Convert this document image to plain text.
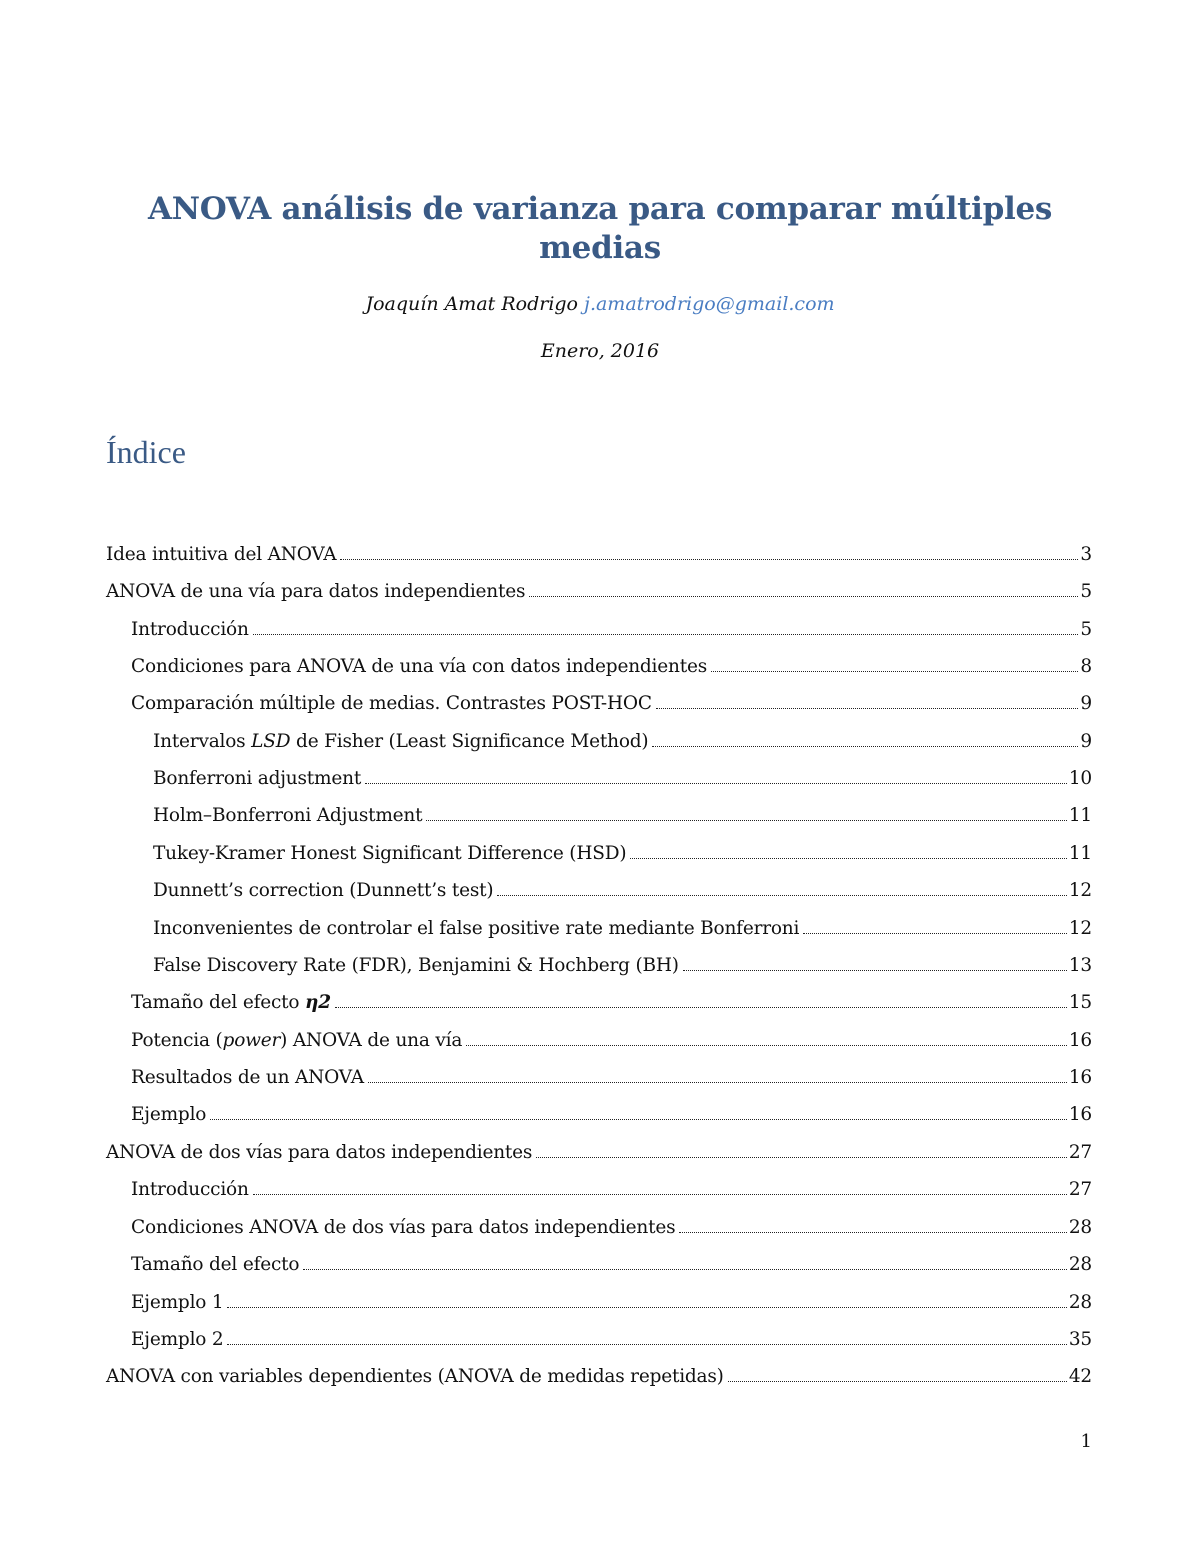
ANOVA análisis de varianza para comparar múltiples
medias
Joaquín Amat Rodrigo j.amatrodrigo@gmail.com
Enero, 2016
Índice
Idea intuitiva del ANOVA	3
ANOVA de una vía para datos independientes	5
Introducción	5
Condiciones para ANOVA de una vía con datos independientes	8
Comparación múltiple de medias. Contrastes POST-HOC	9
Intervalos LSD de Fisher (Least Significance Method)	9
Bonferroni adjustment	10
Holm–Bonferroni Adjustment	11
Tukey-Kramer Honest Significant Difference (HSD)	11
Dunnett’s correction (Dunnett’s test)	12
Inconvenientes de controlar el false positive rate mediante Bonferroni	12
False Discovery Rate (FDR), Benjamini & Hochberg (BH)	13
Tamaño del efecto η2	15
Potencia (power) ANOVA de una vía	16
Resultados de un ANOVA	16
Ejemplo	16
ANOVA de dos vías para datos independientes	27
Introducción	27
Condiciones ANOVA de dos vías para datos independientes	28
Tamaño del efecto	28
Ejemplo 1	28
Ejemplo 2	35
ANOVA con variables dependientes (ANOVA de medidas repetidas)	42
1
